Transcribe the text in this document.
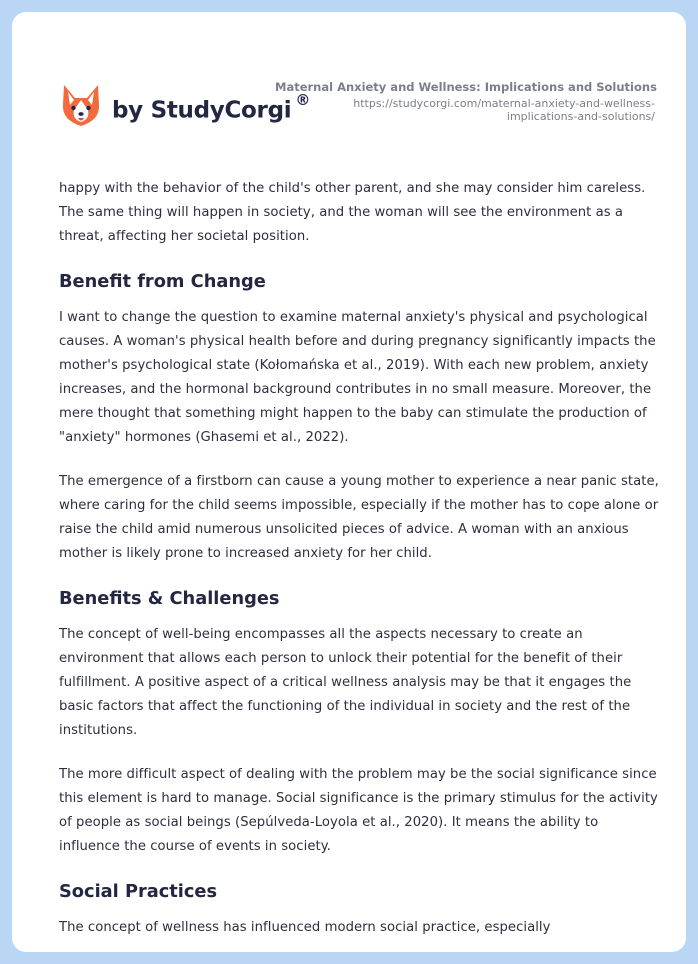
by StudyCorgi ®
Maternal Anxiety and Wellness: Implications and Solutions
https://studycorgi.com/maternal-anxiety-and-wellness-
implications-and-solutions/

happy with the behavior of the child's other parent, and she may consider him careless. The same thing will happen in society, and the woman will see the environment as a threat, affecting her societal position.

Benefit from Change

I want to change the question to examine maternal anxiety's physical and psychological causes. A woman's physical health before and during pregnancy significantly impacts the mother's psychological state (Kołomańska et al., 2019). With each new problem, anxiety increases, and the hormonal background contributes in no small measure. Moreover, the mere thought that something might happen to the baby can stimulate the production of "anxiety" hormones (Ghasemi et al., 2022).

The emergence of a firstborn can cause a young mother to experience a near panic state, where caring for the child seems impossible, especially if the mother has to cope alone or raise the child amid numerous unsolicited pieces of advice. A woman with an anxious mother is likely prone to increased anxiety for her child.

Benefits & Challenges

The concept of well-being encompasses all the aspects necessary to create an environment that allows each person to unlock their potential for the benefit of their fulfillment. A positive aspect of a critical wellness analysis may be that it engages the basic factors that affect the functioning of the individual in society and the rest of the institutions.

The more difficult aspect of dealing with the problem may be the social significance since this element is hard to manage. Social significance is the primary stimulus for the activity of people as social beings (Sepúlveda-Loyola et al., 2020). It means the ability to influence the course of events in society.

Social Practices

The concept of wellness has influenced modern social practice, especially
